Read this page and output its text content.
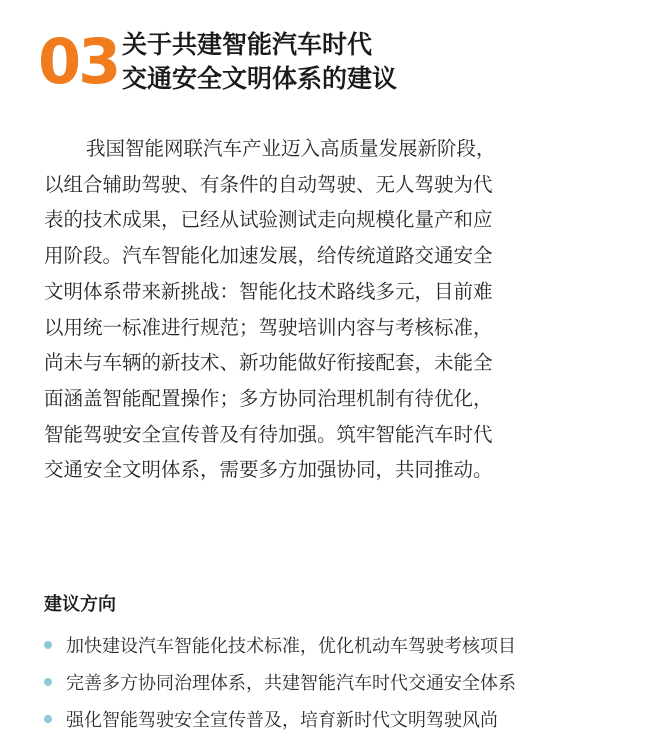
03 关于共建智能汽车时代
交通安全文明体系的建议
我国智能网联汽车产业迈入高质量发展新阶段，
以组合辅助驾驶、有条件的自动驾驶、无人驾驶为代
表的技术成果，已经从试验测试走向规模化量产和应
用阶段。汽车智能化加速发展，给传统道路交通安全
文明体系带来新挑战：智能化技术路线多元，目前难
以用统一标准进行规范；驾驶培训内容与考核标准，
尚未与车辆的新技术、新功能做好衔接配套，未能全
面涵盖智能配置操作；多方协同治理机制有待优化，
智能驾驶安全宣传普及有待加强。筑牢智能汽车时代
交通安全文明体系，需要多方加强协同，共同推动。
建议方向
加快建设汽车智能化技术标准，优化机动车驾驶考核项目
完善多方协同治理体系，共建智能汽车时代交通安全体系
强化智能驾驶安全宣传普及，培育新时代文明驾驶风尚
